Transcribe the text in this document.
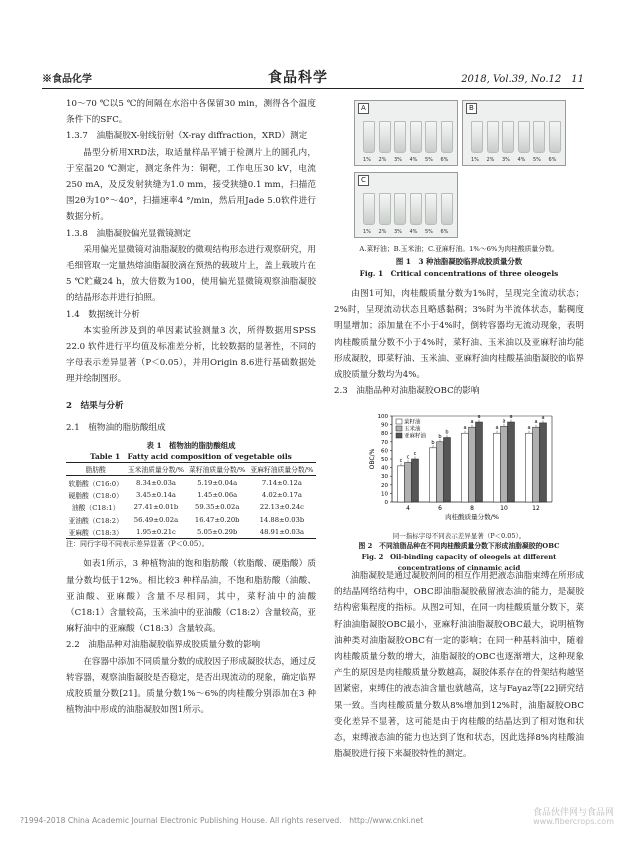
※食品化学	食品科学	2018, Vol.39, No.12　11

10～70 ℃以5 ℃的间隔在水浴中各保留30 min，测得各个温度条件下的SFC。

1.3.7　油脂凝胶X-射线衍射（X-ray diffraction，XRD）测定

晶型分析用XRD法，取适量样品平铺于检测片上的圆孔内，于室温20 ℃测定，测定条件为：铜靶，工作电压30 kV，电流250 mA，及反发射狭缝为1.0 mm，接受狭缝0.1 mm，扫描范围2θ为10°～40°，扫描速率4 °/min，然后用Jade 5.0软件进行数据分析。

1.3.8　油脂凝胶偏光显微镜测定

采用偏光显微镜对油脂凝胶的微观结构形态进行观察研究，用毛细管取一定量热熔油脂凝胶滴在预热的载玻片上，盖上载玻片在5 ℃贮藏24 h，放大倍数为100，使用偏光显微镜观察油脂凝胶的结晶形态并进行拍照。

1.4　数据统计分析

本实验所涉及到的单因素试验测量3 次，所得数据用SPSS 22.0 软件进行平均值及标准差分析，比较数据的显著性，不同的字母表示差异显著（P＜0.05），并用Origin 8.6进行基础数据处理并绘制图形。

2　结果与分析

2.1　植物油的脂肪酸组成

表 1　植物油的脂肪酸组成

Table 1　Fatty acid composition of vegetable oils

脂肪酸	玉米油质量分数/%	菜籽油质量分数/%	亚麻籽油质量分数/%
软脂酸（C16:0）	8.34±0.03a	5.19±0.04a	7.14±0.12a
硬脂酸（C18:0）	3.45±0.14a	1.45±0.06a	4.02±0.17a
油酸（C18:1）	27.41±0.01b	59.35±0.02a	22.13±0.24c
亚油酸（C18:2）	56.49±0.02a	16.47±0.20b	14.88±0.03b
亚麻酸（C18:3）	1.95±0.21c	5.05±0.29b	48.91±0.03a

注：同行字母不同表示差异显著（P＜0.05）。

如表1所示，3 种植物油的饱和脂肪酸（软脂酸、硬脂酸）质量分数均低于12%。相比较3 种样品油，不饱和脂肪酸（油酸、亚油酸、亚麻酸）含量不尽相同，其中，菜籽油中的油酸（C18:1）含量较高，玉米油中的亚油酸（C18:2）含量较高，亚麻籽油中的亚麻酸（C18:3）含量较高。

2.2　油脂品种对油脂凝胶临界成胶质量分数的影响

在容器中添加不同质量分数的成胶因子形成凝胶状态，通过反转容器，观察油脂凝胶是否稳定，是否出现流动的现象，确定临界成胶质量分数[21]。质量分数1%～6%的肉桂酸分别添加在3 种植物油中形成的油脂凝胶如图1所示。

A
1% 2% 3% 4% 5% 6%
B
1% 2% 3% 4% 5% 6%
C
1% 2% 3% 4% 5% 6%

A.菜籽油；B.玉米油；C.亚麻籽油。1%～6%为肉桂酸质量分数。

图 1　3 种油脂凝胶临界成胶质量分数

Fig. 1　Critical concentrations of three oleogels

由图1可知，肉桂酸质量分数为1%时，呈现完全流动状态；2%时，呈现流动状态且略感黏稠；3%时为半流体状态，黏稠度明显增加；添加量在不小于4%时，倒转容器均无流动现象，表明肉桂酸质量分数不小于4%时，菜籽油、玉米油以及亚麻籽油均能形成凝胶，即菜籽油、玉米油、亚麻籽油肉桂酸基油脂凝胶的临界成胶质量分数均为4%。

2.3　油脂品种对油脂凝胶OBC的影响

0
10
20
30
40
50
60
70
80
90
100
OBC/%	c
c
c
4
b
b
b
6
a
a
a
8
a
a
a
10
a
a
a
12
肉桂酸质量分数/%
菜籽油
玉米油
亚麻籽油

同一指标字母不同表示差异显著（P＜0.05）。

图 2　不同油脂品种在不同肉桂酸质量分数下形成油脂凝胶的OBC

Fig. 2　Oil-binding capacity of oleogels at different concentrations of cinnamic acid

油脂凝胶是通过凝胶剂间的相互作用把液态油脂束缚在所形成的结晶网络结构中，OBC即油脂凝胶截留液态油的能力，是凝胶结构密集程度的指标。从图2可知，在同一肉桂酸质量分数下，菜籽油油脂凝胶OBC最小，亚麻籽油油脂凝胶OBC最大，说明植物油种类对油脂凝胶OBC有一定的影响；在同一种基料油中，随着肉桂酸质量分数的增大，油脂凝胶的OBC也逐渐增大，这种现象产生的原因是肉桂酸质量分数越高，凝胶体系存在的骨架结构越坚固紧密，束缚住的液态油含量也就越高，这与Fayaz等[22]研究结果一致。当肉桂酸质量分数从8%增加到12%时，油脂凝胶OBC变化差异不显著，这可能是由于肉桂酸的结晶达到了相对饱和状态，束缚液态油的能力也达到了饱和状态，因此选择8%肉桂酸油脂凝胶进行接下来凝胶特性的测定。

?1994-2018 China Academic Journal Electronic Publishing House. All rights reserved.　http://www.cnki.net
食品伙伴网与食品网
www.fibercrops.com
